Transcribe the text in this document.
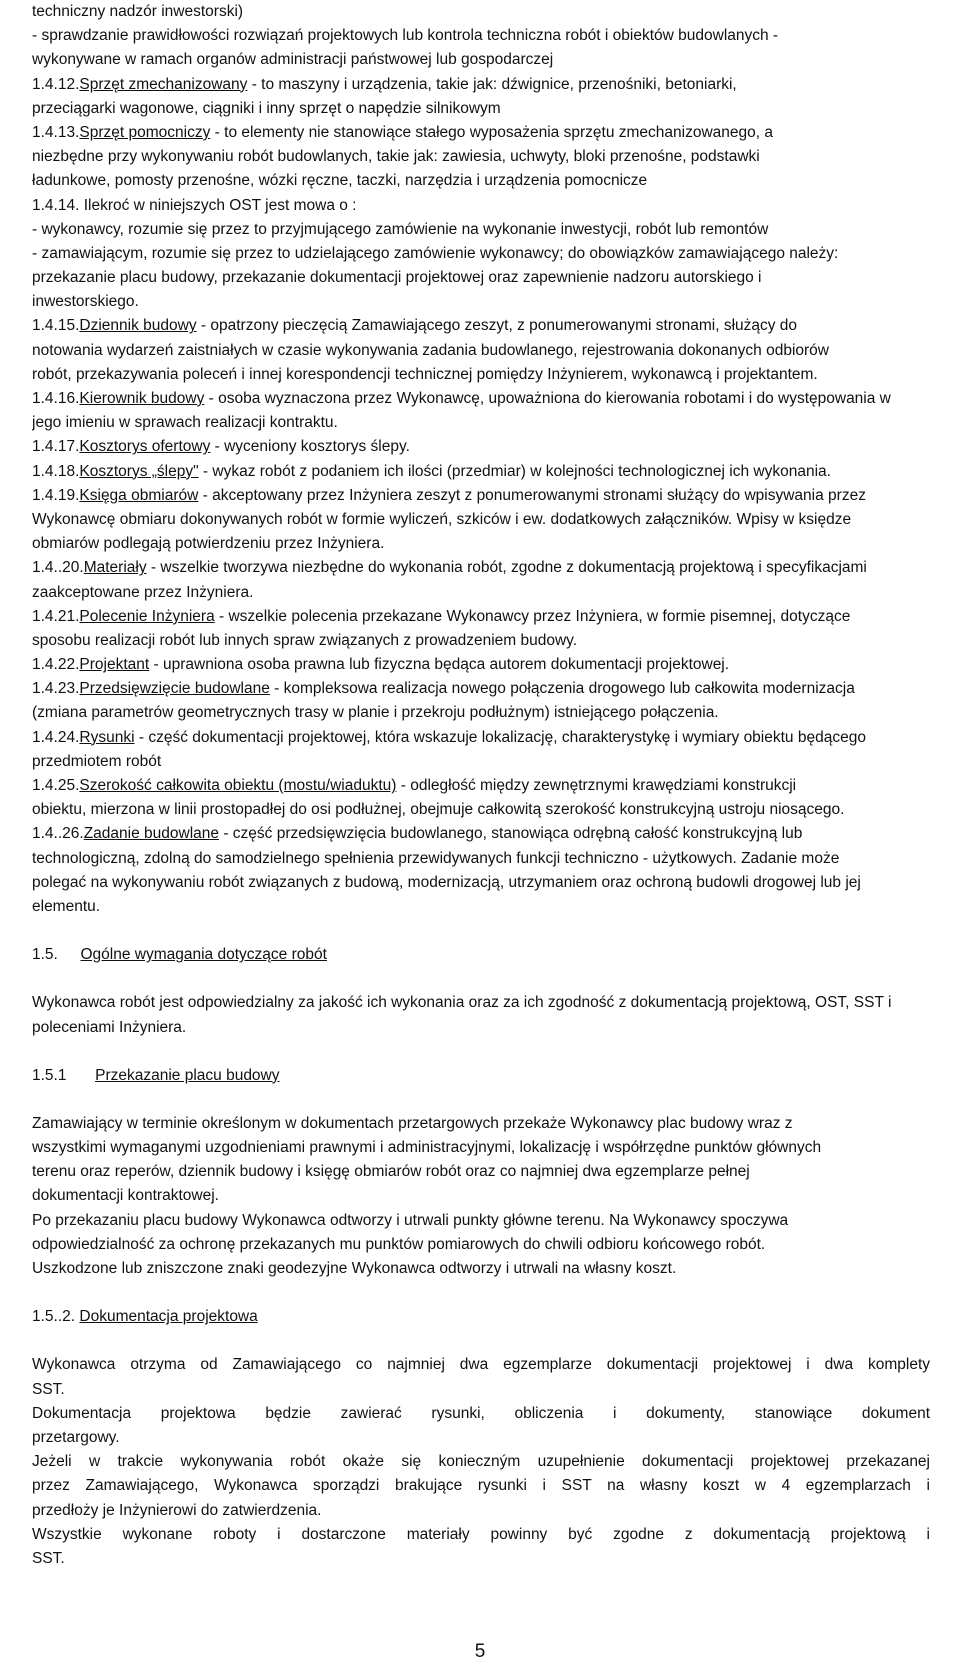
techniczny nadzór inwestorski)
- sprawdzanie prawidłowości rozwiązań projektowych lub kontrola techniczna robót i obiektów budowlanych -
wykonywane w ramach organów administracji państwowej lub gospodarczej
1.4.12.Sprzęt zmechanizowany - to maszyny i urządzenia, takie jak: dźwignice, przenośniki, betoniarki,
przeciągarki wagonowe, ciągniki i inny sprzęt o napędzie silnikowym
1.4.13.Sprzęt pomocniczy - to elementy nie stanowiące stałego wyposażenia sprzętu zmechanizowanego, a
niezbędne przy wykonywaniu robót budowlanych, takie jak: zawiesia, uchwyty, bloki przenośne, podstawki
ładunkowe, pomosty przenośne, wózki ręczne, taczki, narzędzia i urządzenia pomocnicze
1.4.14. Ilekroć w niniejszych OST jest mowa o :
- wykonawcy, rozumie się przez to przyjmującego zamówienie na wykonanie inwestycji, robót lub remontów
- zamawiającym, rozumie się przez to udzielającego zamówienie wykonawcy; do obowiązków zamawiającego należy:
przekazanie placu budowy, przekazanie dokumentacji projektowej oraz zapewnienie nadzoru autorskiego i
inwestorskiego.
1.4.15.Dziennik budowy - opatrzony pieczęcią Zamawiającego zeszyt, z ponumerowanymi stronami, służący do
notowania wydarzeń zaistniałych w czasie wykonywania zadania budowlanego, rejestrowania dokonanych odbiorów
robót, przekazywania poleceń i innej korespondencji technicznej pomiędzy Inżynierem, wykonawcą i projektantem.
1.4.16.Kierownik budowy - osoba wyznaczona przez Wykonawcę, upoważniona do kierowania robotami i do występowania w
jego imieniu w sprawach realizacji kontraktu.
1.4.17.Kosztorys ofertowy - wyceniony kosztorys ślepy.
1.4.18.Kosztorys „ślepy" - wykaz robót z podaniem ich ilości (przedmiar) w kolejności technologicznej ich wykonania.
1.4.19.Księga obmiarów - akceptowany przez Inżyniera zeszyt z ponumerowanymi stronami służący do wpisywania przez
Wykonawcę obmiaru dokonywanych robót w formie wyliczeń, szkiców i ew. dodatkowych załączników. Wpisy w księdze
obmiarów podlegają potwierdzeniu przez Inżyniera.
1.4..20.Materiały - wszelkie tworzywa niezbędne do wykonania robót, zgodne z dokumentacją projektową i specyfikacjami
zaakceptowane przez Inżyniera.
1.4.21.Polecenie Inżyniera - wszelkie polecenia przekazane Wykonawcy przez Inżyniera, w formie pisemnej, dotyczące
sposobu realizacji robót lub innych spraw związanych z prowadzeniem budowy.
1.4.22.Projektant - uprawniona osoba prawna lub fizyczna będąca autorem dokumentacji projektowej.
1.4.23.Przedsięwzięcie budowlane - kompleksowa realizacja nowego połączenia drogowego lub całkowita modernizacja
(zmiana parametrów geometrycznych trasy w planie i przekroju podłużnym) istniejącego połączenia.
1.4.24.Rysunki - część dokumentacji projektowej, która wskazuje lokalizację, charakterystykę i wymiary obiektu będącego
przedmiotem robót
1.4.25.Szerokość całkowita obiektu (mostu/wiaduktu) - odległość między zewnętrznymi krawędziami konstrukcji
obiektu, mierzona w linii prostopadłej do osi podłużnej, obejmuje całkowitą szerokość konstrukcyjną ustroju niosącego.
1.4..26.Zadanie budowlane - część przedsięwzięcia budowlanego, stanowiąca odrębną całość konstrukcyjną lub
technologiczną, zdolną do samodzielnego spełnienia przewidywanych funkcji techniczno - użytkowych. Zadanie może
polegać na wykonywaniu robót związanych z budową, modernizacją, utrzymaniem oraz ochroną budowli drogowej lub jej
elementu.
1.5. Ogólne wymagania dotyczące robót
Wykonawca robót jest odpowiedzialny za jakość ich wykonania oraz za ich zgodność z dokumentacją projektową, OST, SST i
poleceniami Inżyniera.
1.5.1 Przekazanie placu budowy
Zamawiający w terminie określonym w dokumentach przetargowych przekaże Wykonawcy plac budowy wraz z
wszystkimi wymaganymi uzgodnieniami prawnymi i administracyjnymi, lokalizację i współrzędne punktów głównych
terenu oraz reperów, dziennik budowy i księgę obmiarów robót oraz co najmniej dwa egzemplarze pełnej
dokumentacji kontraktowej.
Po przekazaniu placu budowy Wykonawca odtworzy i utrwali punkty główne terenu. Na Wykonawcy spoczywa
odpowiedzialność za ochronę przekazanych mu punktów pomiarowych do chwili odbioru końcowego robót.
Uszkodzone lub zniszczone znaki geodezyjne Wykonawca odtworzy i utrwali na własny koszt.
1.5..2. Dokumentacja projektowa
Wykonawca otrzyma od Zamawiającego co najmniej dwa egzemplarze dokumentacji projektowej i dwa komplety
SST.
Dokumentacja projektowa będzie zawierać rysunki, obliczenia i dokumenty, stanowiące dokument
przetargowy.
Jeżeli w trakcie wykonywania robót okaże się konieczným uzupełnienie dokumentacji projektowej przekazanej
przez Zamawiającego, Wykonawca sporządzi brakujące rysunki i SST na własny koszt w 4 egzemplarzach i
przedłoży je Inżynierowi do zatwierdzenia.
Wszystkie wykonane roboty i dostarczone materiały powinny być zgodne z dokumentacją projektową i
SST.
5
